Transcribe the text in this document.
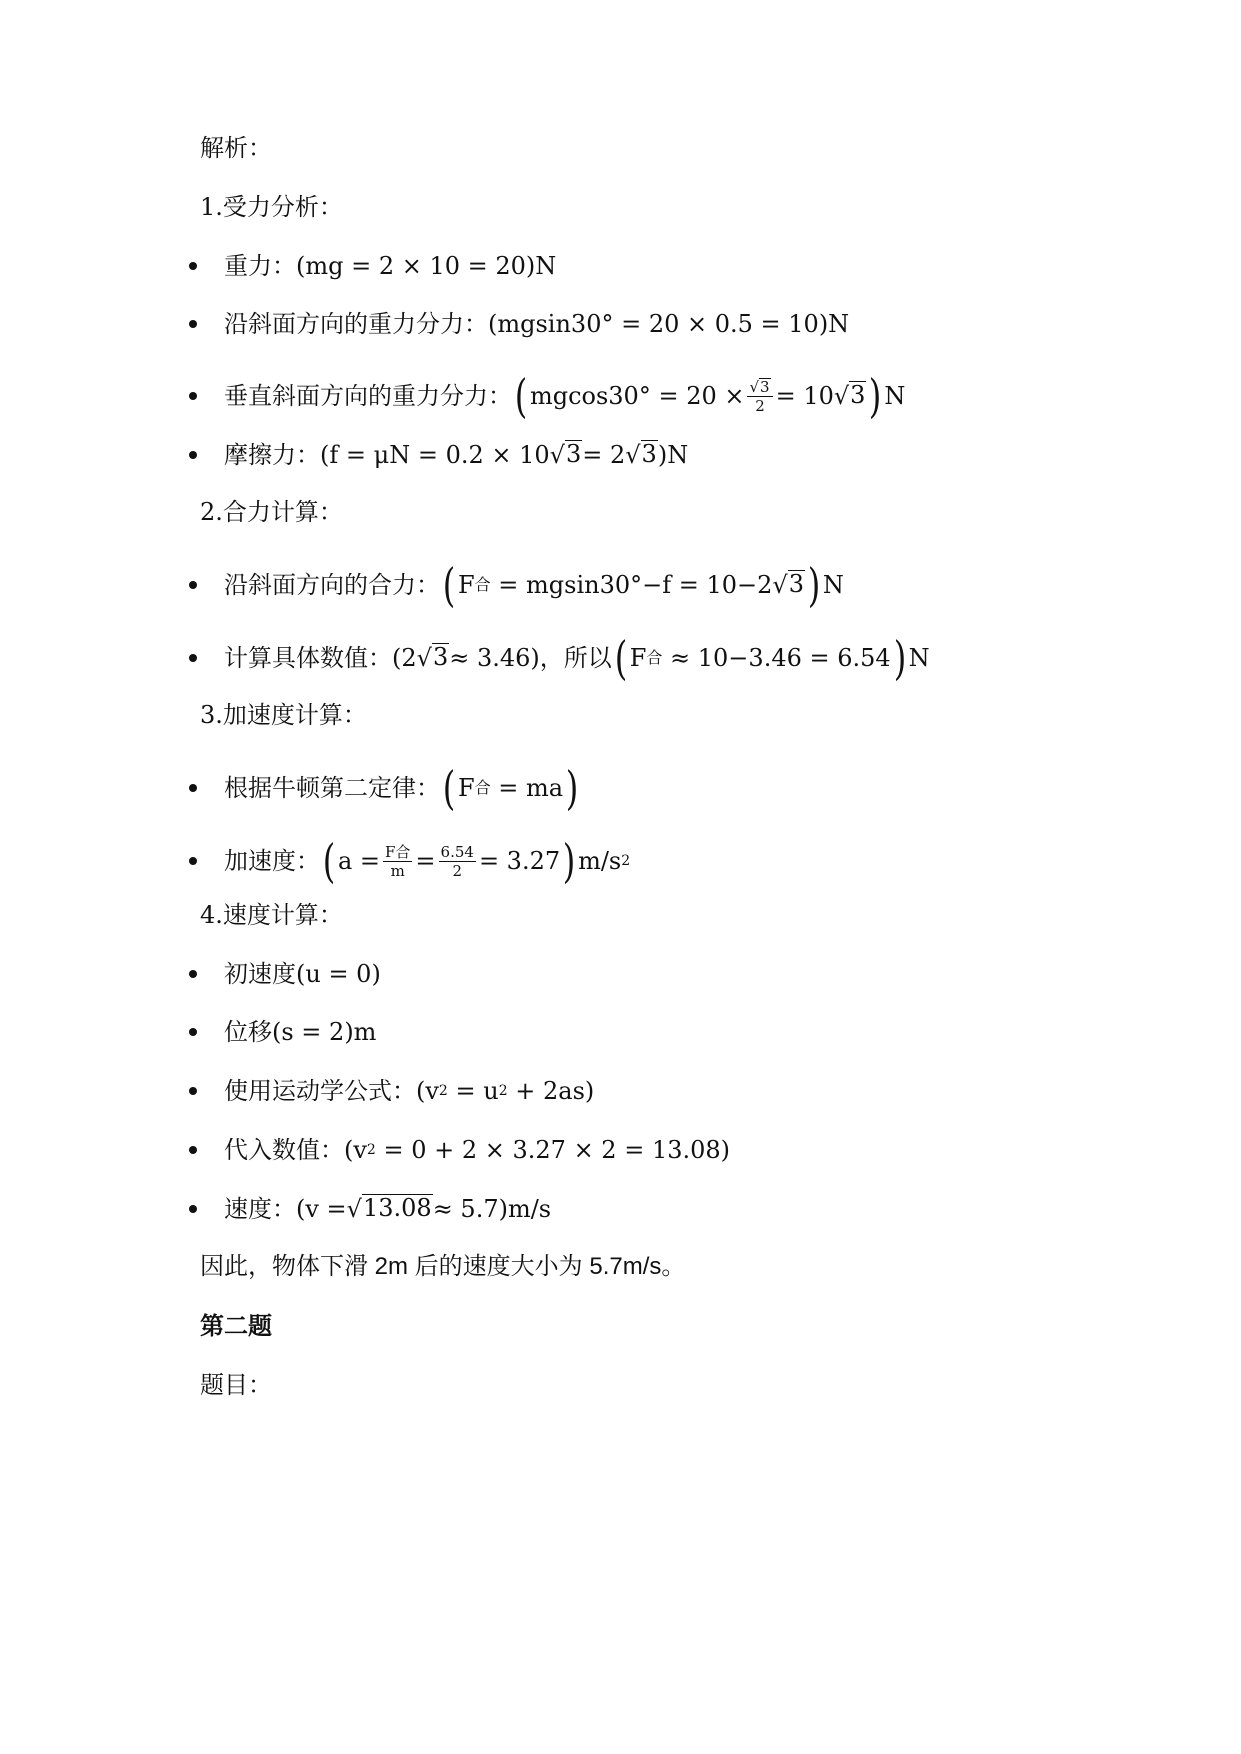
解析：
1.受力分析：
重力： (mg = 2 × 10 = 20)N
沿斜面方向的重力分力： (mgsin30° = 20 × 0.5 = 10)N
垂直斜面方向的重力分力： ( $mgcos30^\circ = 20 \times \frac{√ 3}{2} = 10$ √ 3 ) N
摩擦力： (f = μN = 0.2 × 10 √ 3 = 2 √ 3 )N
2.合力计算：
沿斜面方向的合力： ( F 合
= mgsin30°−f = 10−2 √ 3 ) N
计算具体数值： (2 √ 3 ≈ 3.46)，所以 ( F 合
≈ 10−3.46 = 6.54 ) N
3.加速度计算：
根据牛顿第二定律： ( F 合
= ma )
加速度： ( $a = \frac{\text{F合}}{m} = \frac{6.54}{2} = 3.27$ ) m/s 2
4.速度计算：
初速度(u = 0)
位移(s = 2)m
使用运动学公式： (v 2
= u 2
+ 2as)
代入数值： (v 2
= 0 + 2 × 3.27 × 2 = 13.08)
速度： (v = √ 13.08 ≈ 5.7)m/s
因此，物体下滑 2m 后的速度大小为 5.7m/s。
第二题
题目：
